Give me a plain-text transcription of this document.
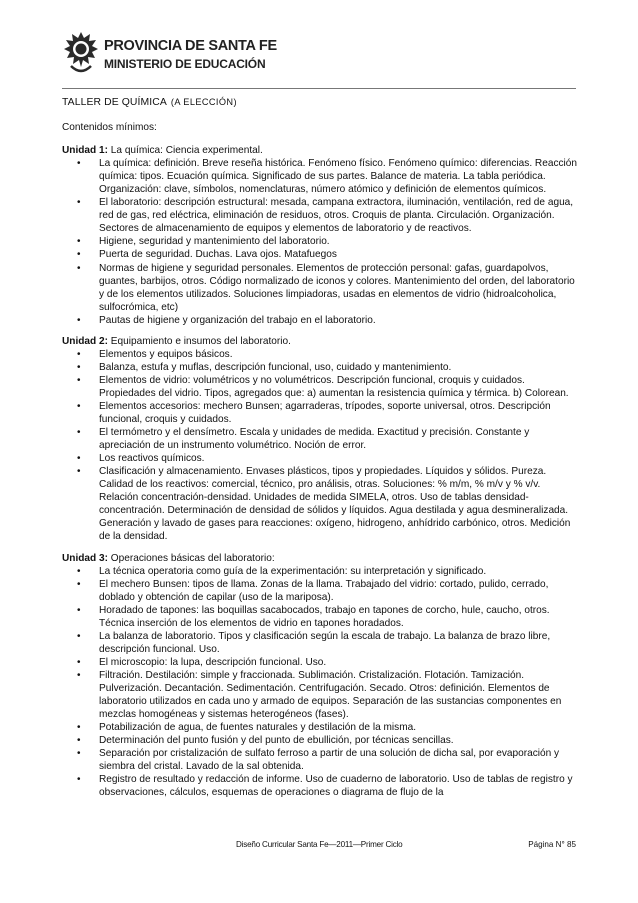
PROVINCIA DE SANTA FE
MINISTERIO DE EDUCACIÓN

TALLER DE QUÍMICA (A ELECCIÓN)

Contenidos mínimos:

Unidad 1: La química: Ciencia experimental.

• La química: definición. Breve reseña histórica. Fenómeno físico. Fenómeno químico: diferencias. Reacción química: tipos. Ecuación química. Significado de sus partes. Balance de materia. La tabla periódica. Organización: clave, símbolos, nomenclaturas, número atómico y definición de elementos químicos.
• El laboratorio: descripción estructural: mesada, campana extractora, iluminación, ventilación, red de agua, red de gas, red eléctrica, eliminación de residuos, otros. Croquis de planta. Circulación. Organización. Sectores de almacenamiento de equipos y elementos de laboratorio y de reactivos.
• Higiene, seguridad y mantenimiento del laboratorio.
• Puerta de seguridad. Duchas. Lava ojos. Matafuegos
• Normas de higiene y seguridad personales. Elementos de protección personal: gafas, guardapolvos, guantes, barbijos, otros. Código normalizado de iconos y colores. Mantenimiento del orden, del laboratorio y de los elementos utilizados. Soluciones limpiadoras, usadas en elementos de vidrio (hidroalcoholica, sulfocrómica, etc)
• Pautas de higiene y organización del trabajo en el laboratorio.

Unidad 2: Equipamiento e insumos del laboratorio.

• Elementos y equipos básicos.
• Balanza, estufa y muflas, descripción funcional, uso, cuidado y mantenimiento.
• Elementos de vidrio: volumétricos y no volumétricos. Descripción funcional, croquis y cuidados. Propiedades del vidrio. Tipos, agregados que: a) aumentan la resistencia química y térmica. b) Colorean.
• Elementos accesorios: mechero Bunsen; agarraderas, trípodes, soporte universal, otros. Descripción funcional, croquis y cuidados.
• El termómetro y el densímetro. Escala y unidades de medida. Exactitud y precisión. Constante y apreciación de un instrumento volumétrico. Noción de error.
• Los reactivos químicos.
• Clasificación y almacenamiento. Envases plásticos, tipos y propiedades. Líquidos y sólidos. Pureza. Calidad de los reactivos: comercial, técnico, pro análisis, otras. Soluciones: % m/m, % m/v y % v/v. Relación concentración-densidad. Unidades de medida SIMELA, otros. Uso de tablas densidad-concentración. Determinación de densidad de sólidos y líquidos. Agua destilada y agua desmineralizada. Generación y lavado de gases para reacciones: oxígeno, hidrogeno, anhídrido carbónico, otros. Medición de la densidad.

Unidad 3: Operaciones básicas del laboratorio:

• La técnica operatoria como guía de la experimentación: su interpretación y significado.
• El mechero Bunsen: tipos de llama. Zonas de la llama. Trabajado del vidrio: cortado, pulido, cerrado, doblado y obtención de capilar (uso de la mariposa).
• Horadado de tapones: las boquillas sacabocados, trabajo en tapones de corcho, hule, caucho, otros. Técnica inserción de los elementos de vidrio en tapones horadados.
• La balanza de laboratorio. Tipos y clasificación según la escala de trabajo. La balanza de brazo libre, descripción funcional. Uso.
• El microscopio: la lupa, descripción funcional. Uso.
• Filtración. Destilación: simple y fraccionada. Sublimación. Cristalización. Flotación. Tamización. Pulverización. Decantación. Sedimentación. Centrifugación. Secado. Otros: definición. Elementos de laboratorio utilizados en cada uno y armado de equipos. Separación de las sustancias componentes en mezclas homogéneas y sistemas heterogéneos (fases).
• Potabilización de agua, de fuentes naturales y destilación de la misma.
• Determinación del punto fusión y del punto de ebullición, por técnicas sencillas.
• Separación por cristalización de sulfato ferroso a partir de una solución de dicha sal, por evaporación y siembra del cristal. Lavado de la sal obtenida.
• Registro de resultado y redacción de informe. Uso de cuaderno de laboratorio. Uso de tablas de registro y observaciones, cálculos, esquemas de operaciones o diagrama de flujo de la
Diseño Curricular Santa Fe—2011—Primer Ciclo	Página N° 85
